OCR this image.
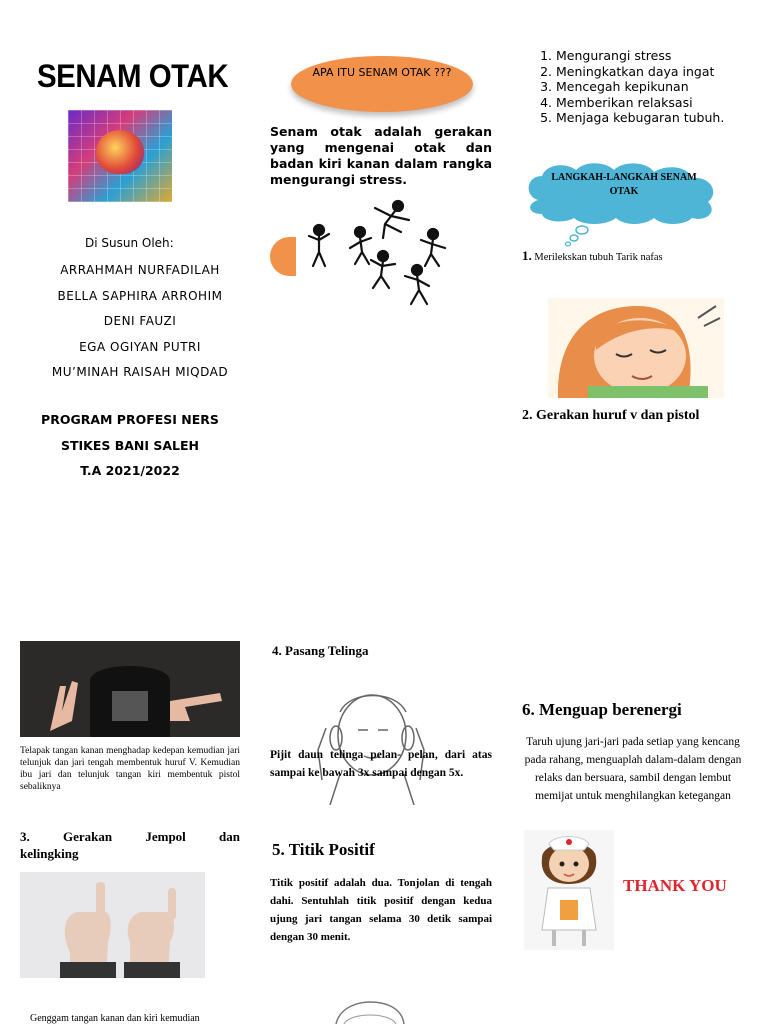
SENAM OTAK
Di Susun Oleh:
ARRAHMAH NURFADILAH
BELLA SAPHIRA ARROHIM
DENI FAUZI
EGA OGIYAN PUTRI
MU’MINAH RAISAH MIQDAD
PROGRAM PROFESI NERS
STIKES BANI SALEH
T.A 2021/2022
APA ITU SENAM OTAK ???
Senam otak adalah gerakan yang mengenai otak dan badan kiri kanan dalam rangka mengurangi stress.
1. Mengurangi stress
2. Meningkatkan daya ingat
3. Mencegah kepikunan
4. Memberikan relaksasi
5. Menjaga kebugaran tubuh.
LANGKAH-LANGKAH SENAM OTAK
1. Merilekskan tubuh Tarik nafas
2. Gerakan huruf v dan pistol
Telapak tangan kanan menghadap kedepan kemudian jari telunjuk dan jari tengah membentuk huruf V. Kemudian ibu jari dan telunjuk tangan kiri membentuk pistol sebaliknya
3. Gerakan Jempol dan
kelingking
Genggam tangan kanan dan kiri kemudian
4. Pasang Telinga
Pijit daun telinga pelan- pelan, dari atas sampai ke bawah 3x sampai dengan 5x.
5. Titik Positif
Titik positif adalah dua. Tonjolan di tengah dahi. Sentuhlah titik positif dengan kedua ujung jari tangan selama 30 detik sampai dengan 30 menit.
6. Menguap berenergi
Taruh ujung jari-jari pada setiap yang kencang pada rahang, menguaplah dalam-dalam dengan relaks dan bersuara, sambil dengan lembut memijat untuk menghilangkan ketegangan
THANK YOU
